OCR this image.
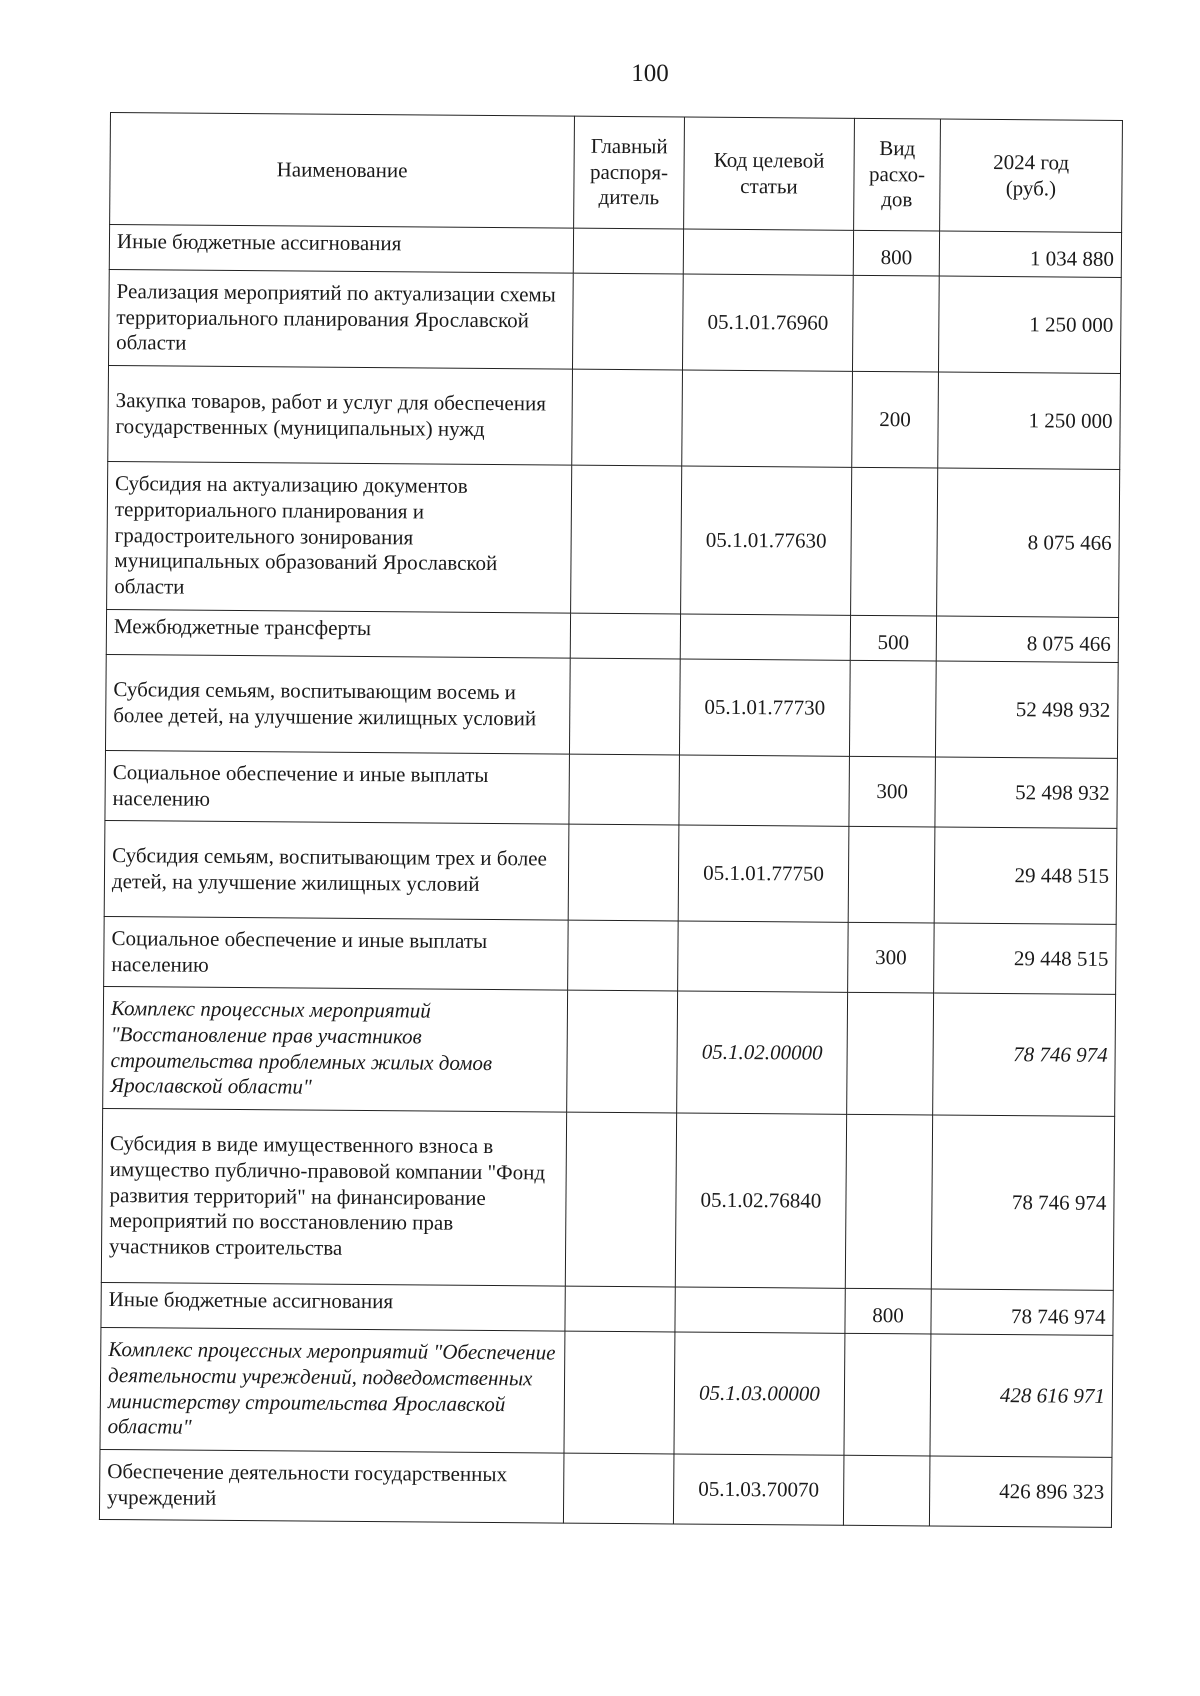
100
Наименование	Главный распоря-дитель	Код целевой статьи	Вид расхо-дов	2024 год (руб.)

Иные бюджетные ассигнования			800	1 034 880
Реализация мероприятий по актуализации схемы территориального планирования Ярославской области		05.1.01.76960		1 250 000
Закупка товаров, работ и услуг для обеспечения государственных (муниципальных) нужд			200	1 250 000
Субсидия на актуализацию документов территориального планирования и градостроительного зонирования муниципальных образований Ярославской области		05.1.01.77630		8 075 466
Межбюджетные трансферты			500	8 075 466
Субсидия семьям, воспитывающим восемь и более детей, на улучшение жилищных условий		05.1.01.77730		52 498 932
Социальное обеспечение и иные выплаты населению			300	52 498 932
Субсидия семьям, воспитывающим трех и более детей, на улучшение жилищных условий		05.1.01.77750		29 448 515
Социальное обеспечение и иные выплаты населению			300	29 448 515
Комплекс процессных мероприятий "Восстановление прав участников строительства проблемных жилых домов Ярославской области"		05.1.02.00000		78 746 974
Субсидия в виде имущественного взноса в имущество публично-правовой компании "Фонд развития территорий" на финансирование мероприятий по восстановлению прав участников строительства		05.1.02.76840		78 746 974
Иные бюджетные ассигнования			800	78 746 974
Комплекс процессных мероприятий "Обеспечение деятельности учреждений, подведомственных министерству строительства Ярославской области"		05.1.03.00000		428 616 971
Обеспечение деятельности государственных учреждений		05.1.03.70070		426 896 323
